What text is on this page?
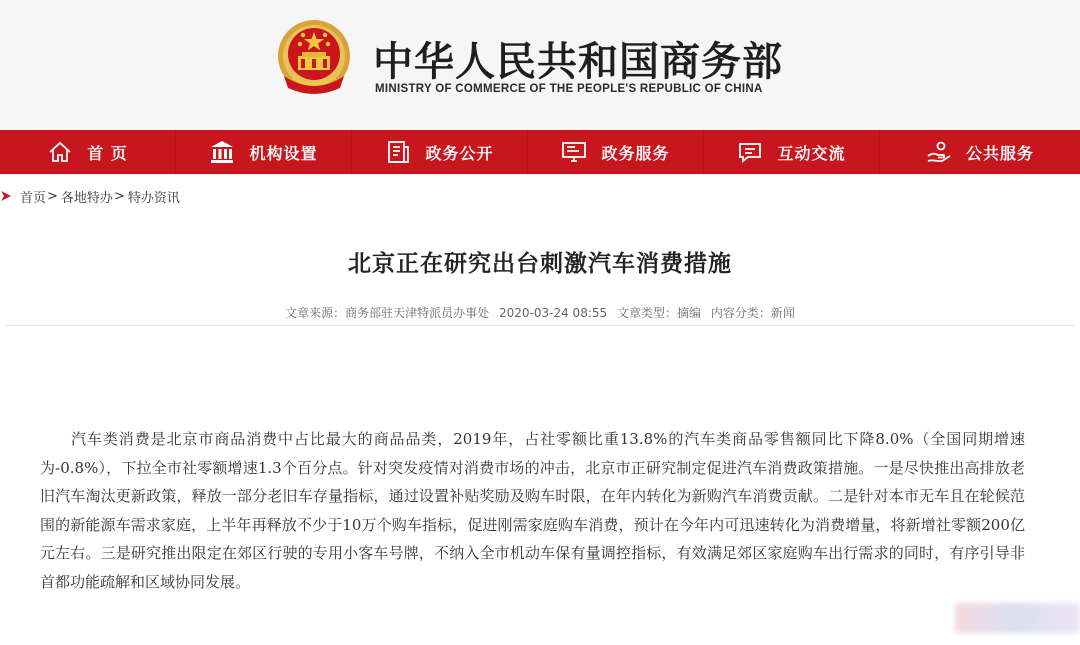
中华人民共和国商务部
MINISTRY OF COMMERCE OF THE PEOPLE'S REPUBLIC OF CHINA
首 页	机构设置	政务公开	政务服务	互动交流	公共服务
首页 > 各地特办 > 特办资讯
北京正在研究出台刺激汽车消费措施
文章来源：商务部驻天津特派员办事处 2020-03-24 08:55 文章类型：摘编 内容分类：新闻

汽车类消费是北京市商品消费中占比最大的商品品类，2019年，占社零额比重13.8%的汽车类商品零售额同比下降8.0%（全国同期增速为-0.8%），下拉全市社零额增速1.3个百分点。针对突发疫情对消费市场的冲击，北京市正研究制定促进汽车消费政策措施。一是尽快推出高排放老旧汽车淘汰更新政策，释放一部分老旧车存量指标，通过设置补贴奖励及购车时限，在年内转化为新购汽车消费贡献。二是针对本市无车且在轮候范围的新能源车需求家庭，上半年再释放不少于10万个购车指标，促进刚需家庭购车消费，预计在今年内可迅速转化为消费增量，将新增社零额200亿元左右。三是研究推出限定在郊区行驶的专用小客车号牌，不纳入全市机动车保有量调控指标，有效满足郊区家庭购车出行需求的同时，有序引导非首都功能疏解和区域协同发展。
